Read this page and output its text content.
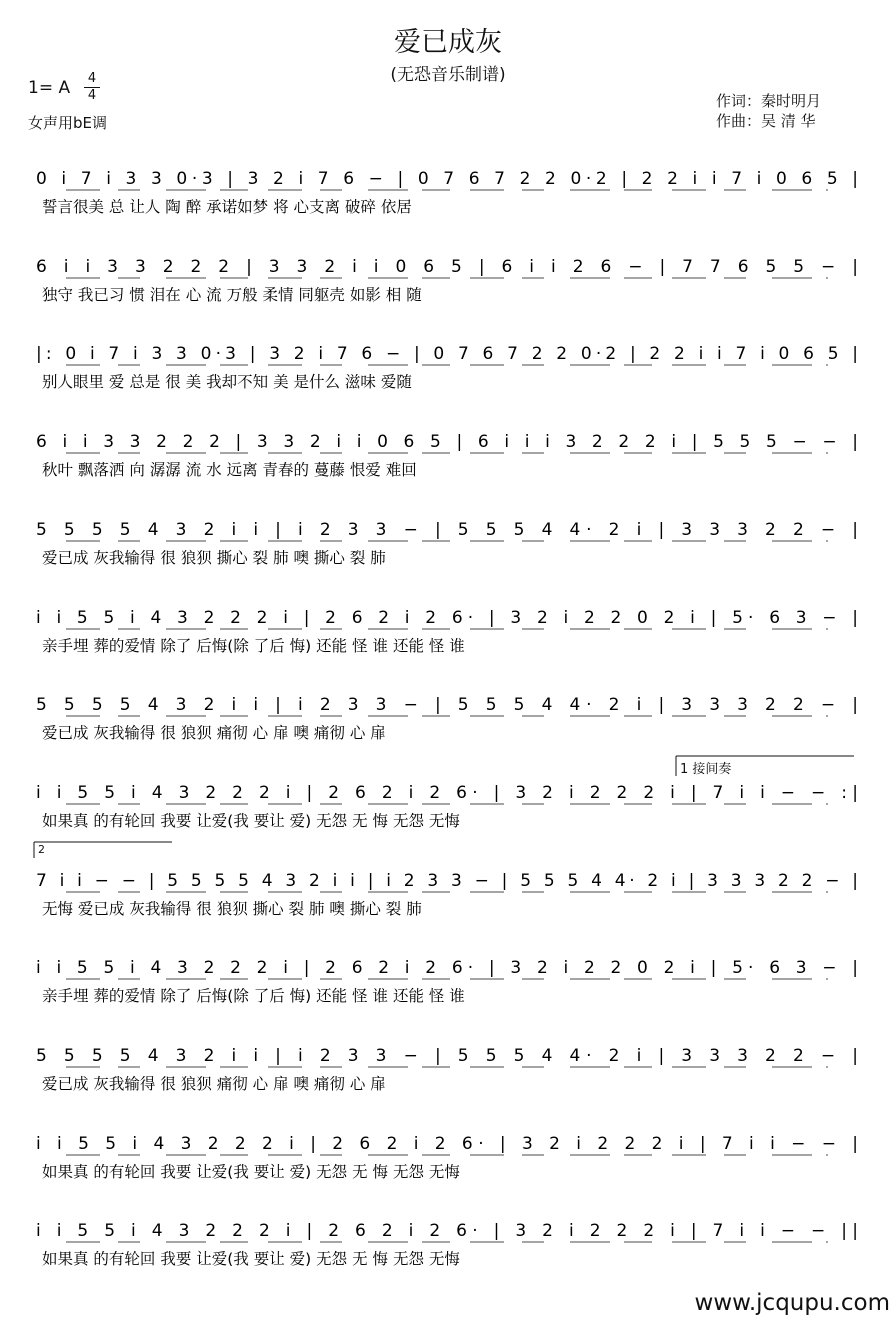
爱已成灰
(无恐音乐制谱)
1= A 4
4
女声用bE调
作词：秦时明月
作曲：吴 清 华
0 i 7 i 3 3 0·3 | 3 2 i 7 6 − | 0 7 6 7 2 2 0·2 | 2 2 i i 7 i 0 6 5 |
誓言很美 总 让人 陶 醉 承诺如梦 将 心支离 破碎 依居
6 i i 3 3 2 2 2 | 3 3 2 i i 0 6 5 | 6 i i 2 6 − | 7 7 6 5 5 − |
独守 我已习 惯 泪在 心 流 万般 柔情 同躯壳 如影 相 随
|: 0 i 7 i 3 3 0·3 | 3 2 i 7 6 − | 0 7 6 7 2 2 0·2 | 2 2 i i 7 i 0 6 5 |
别人眼里 爱 总是 很 美 我却不知 美 是什么 滋味 爱随
6 i i 3 3 2 2 2 | 3 3 2 i i 0 6 5 | 6 i i i 3 2 2 2 i | 5 5 5 − − |
秋叶 飘落洒 向 潺潺 流 水 远离 青春的 蔓藤 恨爱 难回
5 5 5 5 4 3 2 i i | i 2 3 3 − | 5 5 5 4 4· 2 i | 3 3 3 2 2 − |
爱已成 灰我输得 很 狼狈 撕心 裂 肺 噢 撕心 裂 肺
i i 5 5 i 4 3 2 2 2 i | 2 6 2 i 2 6· | 3 2 i 2 2 0 2 i | 5· 6 3 − |
亲手埋 葬的爱情 除了 后悔(除 了后 悔) 还能 怪 谁 还能 怪 谁
5 5 5 5 4 3 2 i i | i 2 3 3 − | 5 5 5 4 4· 2 i | 3 3 3 2 2 − |
爱已成 灰我输得 很 狼狈 痛彻 心 扉 噢 痛彻 心 扉
i i 5 5 i 4 3 2 2 2 i | 2 6 2 i 2 6· | 3 2 i 2 2 2 i | 7 i i − − :|
如果真 的有轮回 我要 让爱(我 要让 爱) 无怨 无 悔 无怨 无悔
7 i i − − | 5 5 5 5 4 3 2 i i | i 2 3 3 − | 5 5 5 4 4· 2 i | 3 3 3 2 2 − |
无悔 爱已成 灰我输得 很 狼狈 撕心 裂 肺 噢 撕心 裂 肺
i i 5 5 i 4 3 2 2 2 i | 2 6 2 i 2 6· | 3 2 i 2 2 0 2 i | 5· 6 3 − |
亲手埋 葬的爱情 除了 后悔(除 了后 悔) 还能 怪 谁 还能 怪 谁
5 5 5 5 4 3 2 i i | i 2 3 3 − | 5 5 5 4 4· 2 i | 3 3 3 2 2 − |
爱已成 灰我输得 很 狼狈 痛彻 心 扉 噢 痛彻 心 扉
i i 5 5 i 4 3 2 2 2 i | 2 6 2 i 2 6· | 3 2 i 2 2 2 i | 7 i i − − |
如果真 的有轮回 我要 让爱(我 要让 爱) 无怨 无 悔 无怨 无悔
i i 5 5 i 4 3 2 2 2 i | 2 6 2 i 2 6· | 3 2 i 2 2 2 i | 7 i i − − ||
如果真 的有轮回 我要 让爱(我 要让 爱) 无怨 无 悔 无怨 无悔
1 接间奏
2
www.jcqupu.com
